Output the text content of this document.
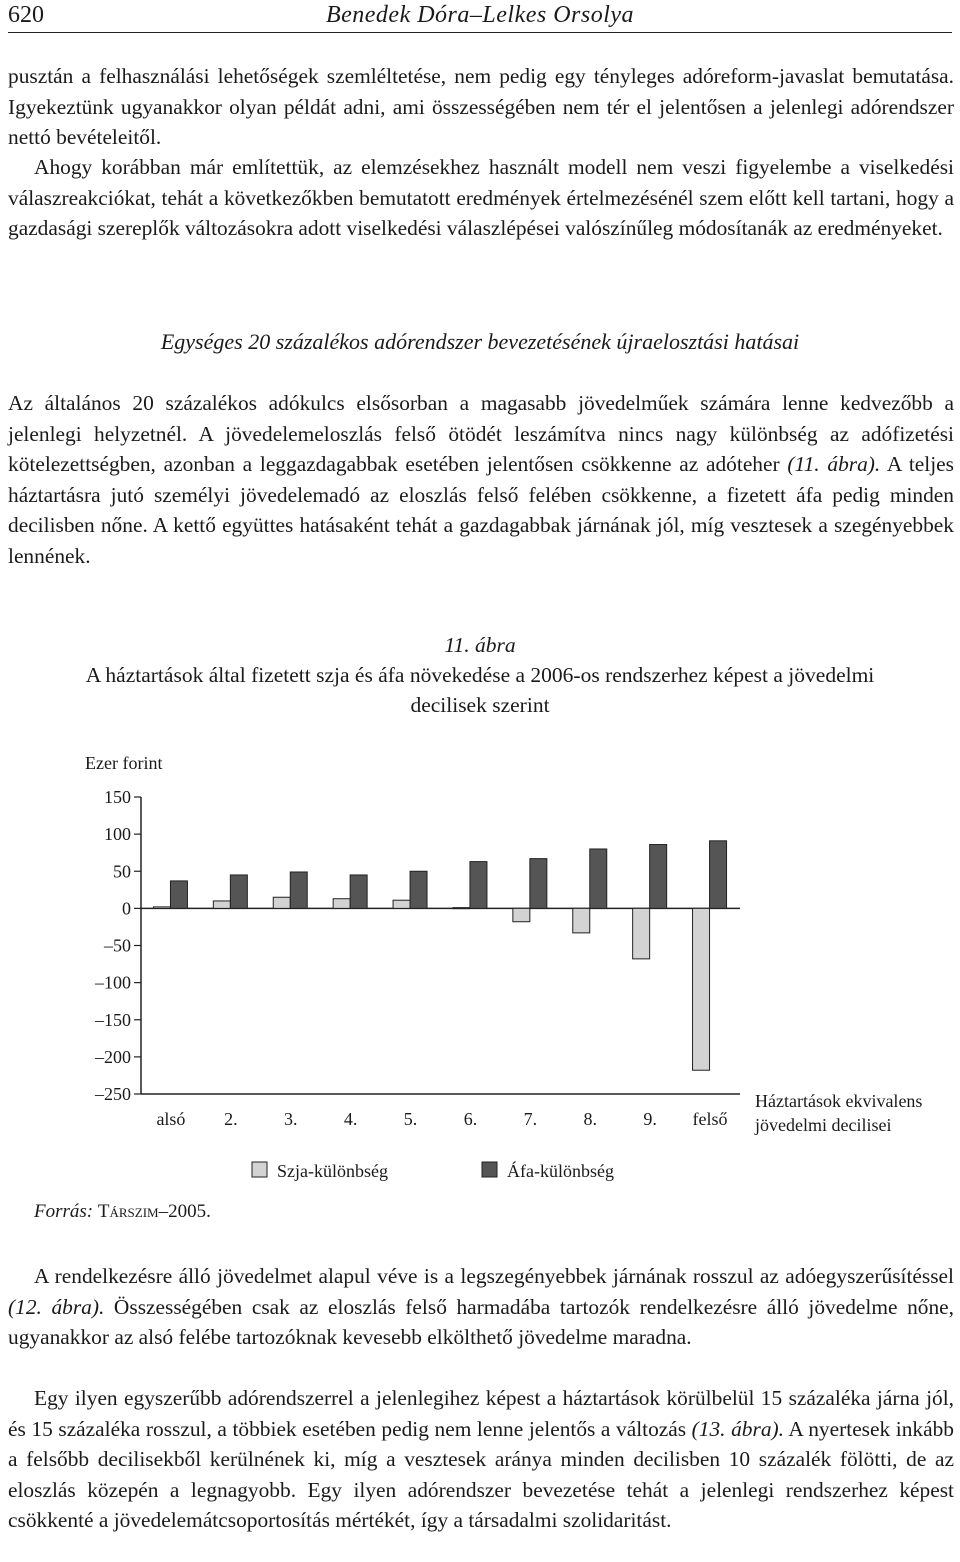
620	Benedek Dóra–Lelkes Orsolya

pusztán a felhasználási lehetőségek szemléltetése, nem pedig egy tényleges adóreform-javaslat bemutatása. Igyekeztünk ugyanakkor olyan példát adni, ami összességében nem tér el jelentősen a jelenlegi adórendszer nettó bevételeitől.

Ahogy korábban már említettük, az elemzésekhez használt modell nem veszi figyelembe a viselkedési válaszreakciókat, tehát a következőkben bemutatott eredmények értelmezésénél szem előtt kell tartani, hogy a gazdasági szereplők változásokra adott viselkedési válaszlépései valószínűleg módosítanák az eredményeket.

Egységes 20 százalékos adórendszer bevezetésének újraelosztási hatásai

Az általános 20 százalékos adókulcs elsősorban a magasabb jövedelműek számára lenne kedvezőbb a jelenlegi helyzetnél. A jövedelemeloszlás felső ötödét leszámítva nincs nagy különbség az adófizetési kötelezettségben, azonban a leggazdagabbak esetében jelentősen csökkenne az adóteher (11. ábra). A teljes háztartásra jutó személyi jövedelemadó az eloszlás felső felében csökkenne, a fizetett áfa pedig minden decilisben nőne. A kettő együttes hatásaként tehát a gazdagabbak járnának jól, míg vesztesek a szegényebbek lennének.

11. ábra
A háztartások által fizetett szja és áfa növekedése a 2006-os rendszerhez képest a jövedelmi
decilisek szerint
Ezer forint
150
100
50
0
–50
–100
–150
–200
–250
alsó 2.	3.	4.	5.	6.	7.	8.	9. felső
Háztartások ekvivalens
jövedelmi decilisei
Szja-különbség	Áfa-különbség
Forrás: Társzim–2005.

A rendelkezésre álló jövedelmet alapul véve is a legszegényebbek járnának rosszul az adóegyszerűsítéssel (12. ábra). Összességében csak az eloszlás felső harmadába tartozók rendelkezésre álló jövedelme nőne, ugyanakkor az alsó felébe tartozóknak kevesebb elkölthető jövedelme maradna.

Egy ilyen egyszerűbb adórendszerrel a jelenlegihez képest a háztartások körülbelül 15 százaléka járna jól, és 15 százaléka rosszul, a többiek esetében pedig nem lenne jelentős a változás (13. ábra). A nyertesek inkább a felsőbb decilisekből kerülnének ki, míg a vesztesek aránya minden decilisben 10 százalék fölötti, de az eloszlás közepén a legnagyobb. Egy ilyen adórendszer bevezetése tehát a jelenlegi rendszerhez képest csökkenté a jövedelemátcsoportosítás mértékét, így a társadalmi szolidaritást.
